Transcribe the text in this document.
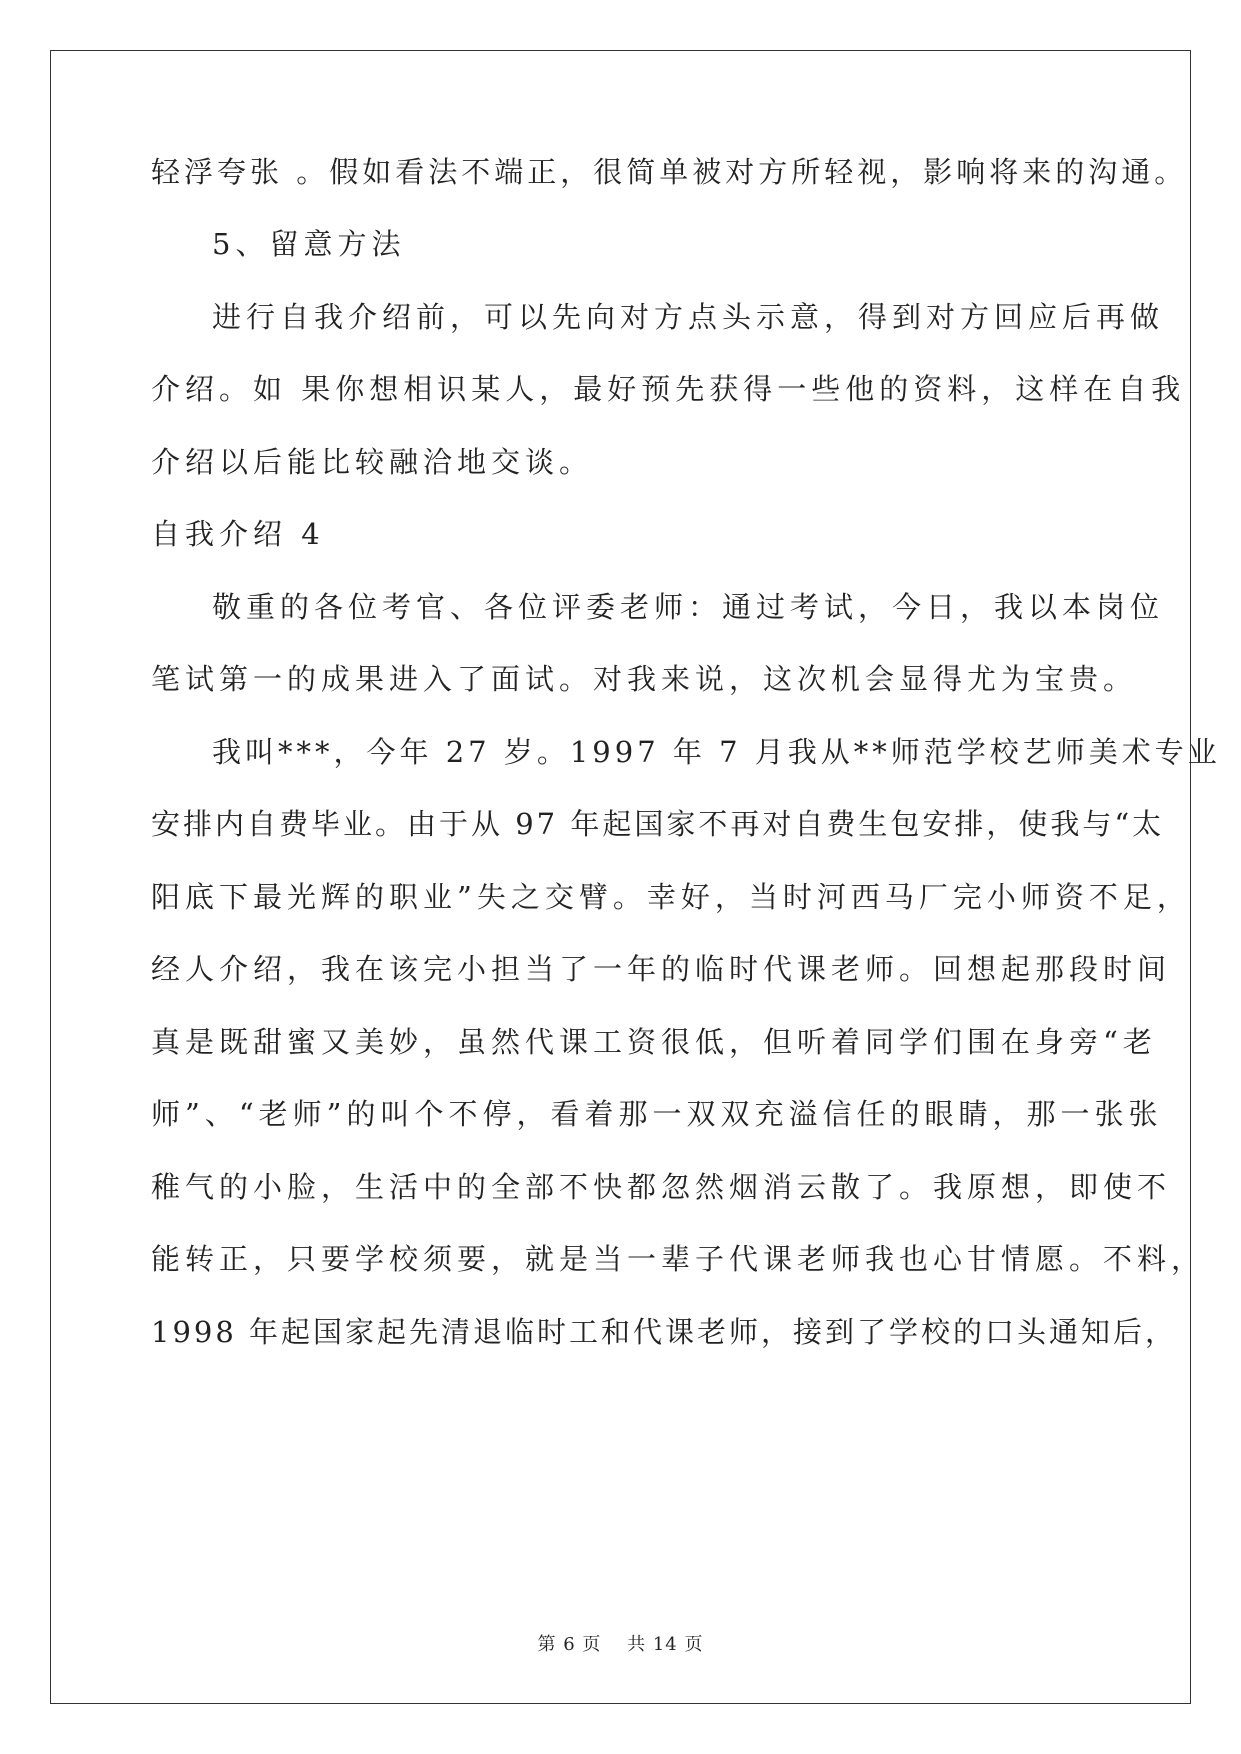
轻浮夸张 。假如看法不端正，很简单被对方所轻视，影响将来的沟通。
5、留意方法
进行自我介绍前，可以先向对方点头示意，得到对方回应后再做
介绍。如 果你想相识某人，最好预先获得一些他的资料，这样在自我
介绍以后能比较融洽地交谈。
自我介绍 4
敬重的各位考官、各位评委老师：通过考试，今日，我以本岗位
笔试第一的成果进入了面试。对我来说，这次机会显得尤为宝贵。
我叫***，今年 27 岁。1997 年 7 月我从**师范学校艺师美术专业
安排内自费毕业。由于从 97 年起国家不再对自费生包安排，使我与“太
阳底下最光辉的职业”失之交臂。幸好，当时河西马厂完小师资不足，
经人介绍，我在该完小担当了一年的临时代课老师。回想起那段时间
真是既甜蜜又美妙，虽然代课工资很低，但听着同学们围在身旁“老
师”、“老师”的叫个不停，看着那一双双充溢信任的眼睛，那一张张
稚气的小脸，生活中的全部不快都忽然烟消云散了。我原想，即使不
能转正，只要学校须要，就是当一辈子代课老师我也心甘情愿。不料，
1998 年起国家起先清退临时工和代课老师，接到了学校的口头通知后，
第 6 页　 共 14 页
